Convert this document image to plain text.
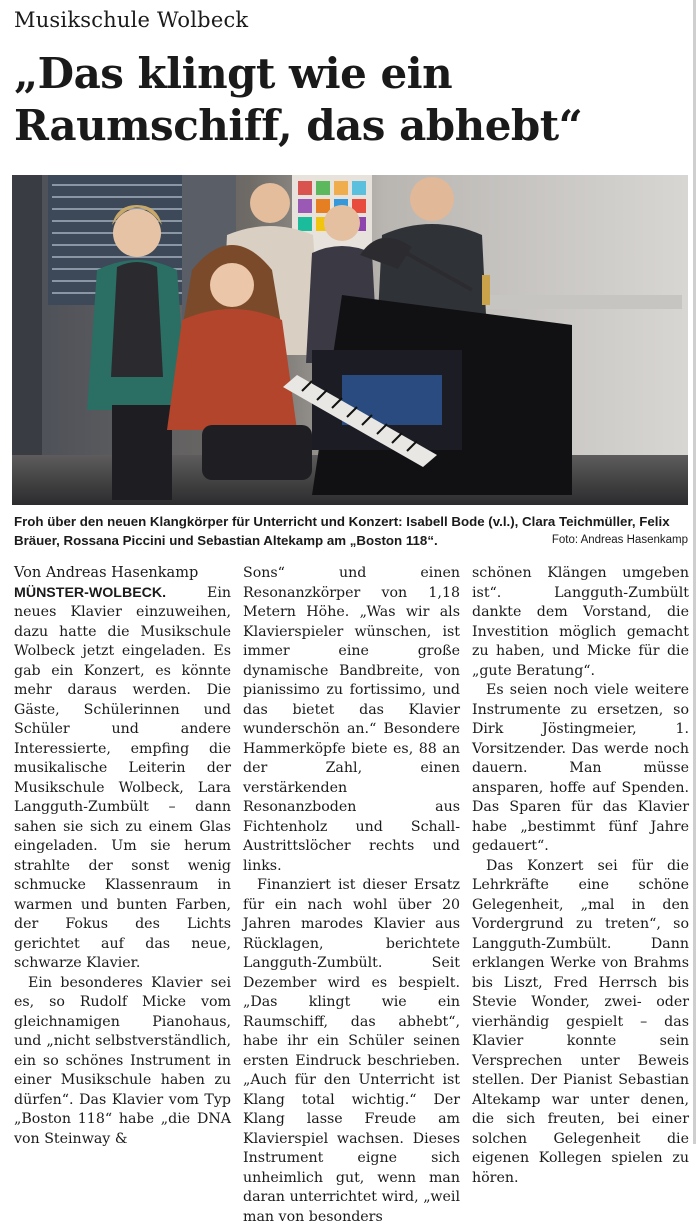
Musikschule Wolbeck
„Das klingt wie ein Raumschiff, das abhebt“
Froh über den neuen Klangkörper für Unterricht und Konzert: Isabell Bode (v.l.), Clara Teichmüller, Felix Bräuer, Rossana Piccini und Sebastian Altekamp am „Boston 118“.	Foto: Andreas Hasenkamp

Von Andreas Hasenkamp

MÜNSTER-WOLBECK. Ein neues Klavier einzuweihen, dazu hatte die Musikschule Wolbeck jetzt eingeladen. Es gab ein Konzert, es könnte mehr daraus werden. Die Gäste, Schülerinnen und Schüler und andere Interessierte, empfing die musikalische Leiterin der Musikschule Wolbeck, Lara Langguth-Zumbült – dann sahen sie sich zu einem Glas eingeladen. Um sie herum strahlte der sonst wenig schmucke Klassenraum in warmen und bunten Farben, der Fokus des Lichts gerichtet auf das neue, schwarze Klavier.

Ein besonderes Klavier sei es, so Rudolf Micke vom gleichnamigen Pianohaus, und „nicht selbstverständlich, ein so schönes Instrument in einer Musikschule haben zu dürfen“. Das Klavier vom Typ „Boston 118“ habe „die DNA von Steinway &

Sons“ und einen Resonanzkörper von 1,18 Metern Höhe. „Was wir als Klavierspieler wünschen, ist immer eine große dynamische Bandbreite, von pianissimo zu fortissimo, und das bietet das Klavier wunderschön an.“ Besondere Hammerköpfe biete es, 88 an der Zahl, einen verstärkenden Resonanzboden aus Fichtenholz und Schall-Austrittslöcher rechts und links.

Finanziert ist dieser Ersatz für ein nach wohl über 20 Jahren marodes Klavier aus Rücklagen, berichtete Langguth-Zumbült. Seit Dezember wird es bespielt. „Das klingt wie ein Raumschiff, das abhebt“, habe ihr ein Schüler seinen ersten Eindruck beschrieben. „Auch für den Unterricht ist Klang total wichtig.“ Der Klang lasse Freude am Klavierspiel wachsen. Dieses Instrument eigne sich unheimlich gut, wenn man daran unterrichtet wird, „weil man von besonders

schönen Klängen umgeben ist“. Langguth-Zumbült dankte dem Vorstand, die Investition möglich gemacht zu haben, und Micke für die „gute Beratung“.

Es seien noch viele weitere Instrumente zu ersetzen, so Dirk Jöstingmeier, 1. Vorsitzender. Das werde noch dauern. Man müsse ansparen, hoffe auf Spenden. Das Sparen für das Klavier habe „bestimmt fünf Jahre gedauert“.

Das Konzert sei für die Lehrkräfte eine schöne Gelegenheit, „mal in den Vordergrund zu treten“, so Langguth-Zumbült. Dann erklangen Werke von Brahms bis Liszt, Fred Herrsch bis Stevie Wonder, zwei- oder vierhändig gespielt – das Klavier konnte sein Versprechen unter Beweis stellen. Der Pianist Sebastian Altekamp war unter denen, die sich freuten, bei einer solchen Gelegenheit die eigenen Kollegen spielen zu hören.
